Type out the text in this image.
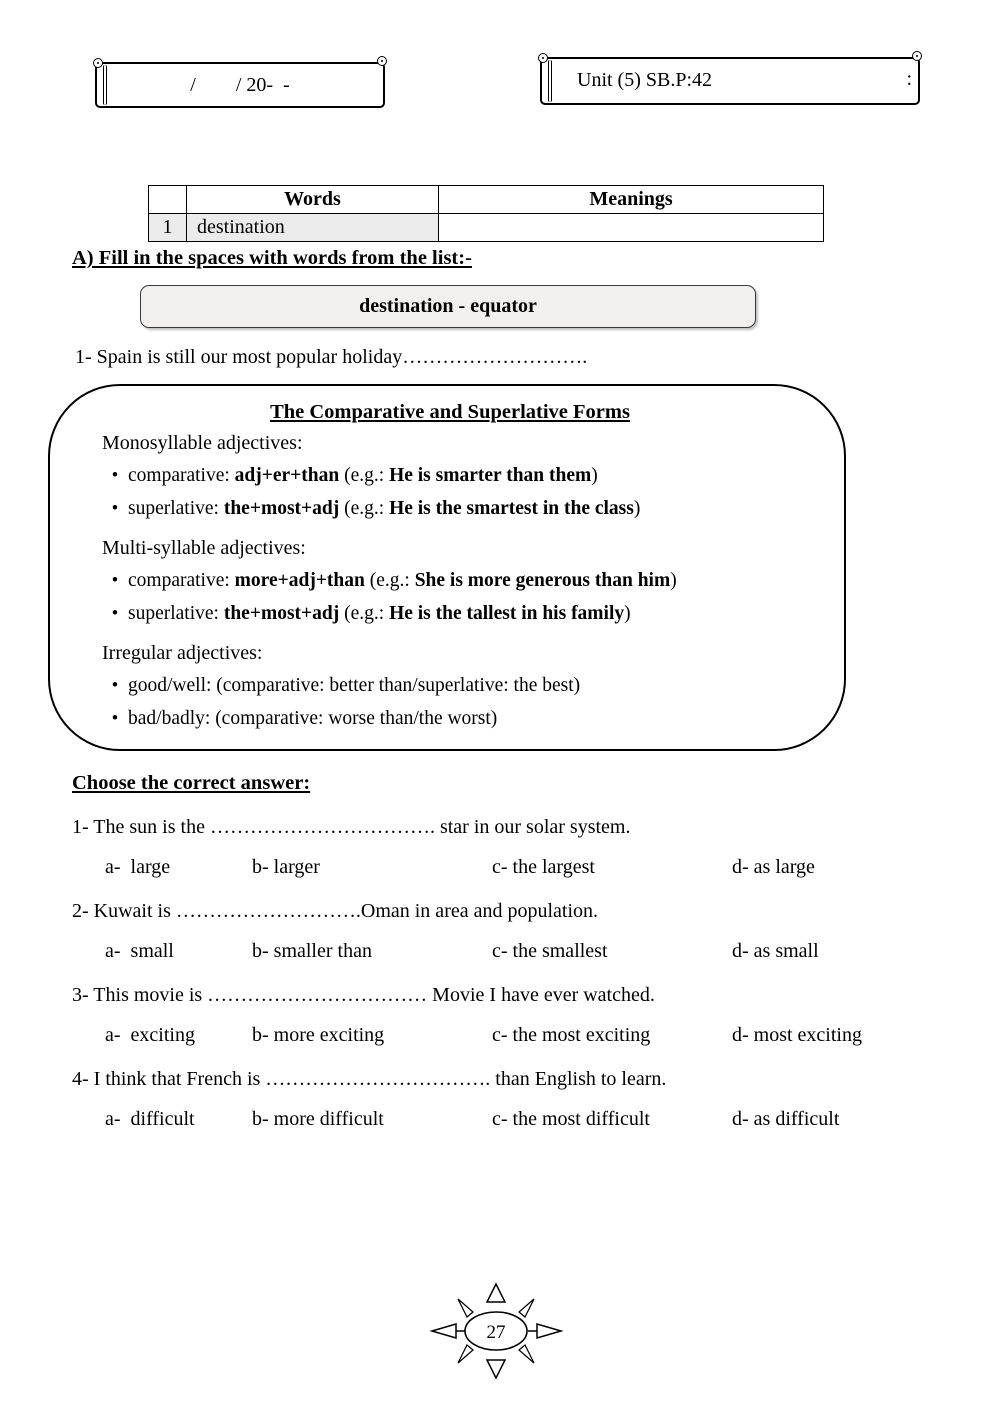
/        / 20-  -	Unit (5) SB.P:42	:
	Words	Meanings
1	destination	
A) Fill in the spaces with words from the list:-
destination - equator

1- Spain is still our most popular holiday……………………….

The Comparative and Superlative Forms
Monosyllable adjectives:
• comparative: adj+er+than (e.g.: He is smarter than them)
• superlative: the+most+adj (e.g.: He is the smartest in the class)
Multi-syllable adjectives:
• comparative: more+adj+than (e.g.: She is more generous than him)
• superlative: the+most+adj (e.g.: He is the tallest in his family)
Irregular adjectives:
• good/well: (comparative: better than/superlative: the best)
• bad/badly: (comparative: worse than/the worst)
Choose the correct answer:

1- The sun is the ……………………………. star in our solar system.

a-  large	b- larger	c- the largest	d- as large

2- Kuwait is ……………………….Oman in area and population.

a-  small	b- smaller than	c- the smallest	d- as small

3- This movie is …………………………… Movie I have ever watched.

a-  exciting	b- more exciting	c- the most exciting	d- most exciting

4- I think that French is ……………………………. than English to learn.

a-  difficult	b- more difficult	c- the most difficult	d- as difficult
27
